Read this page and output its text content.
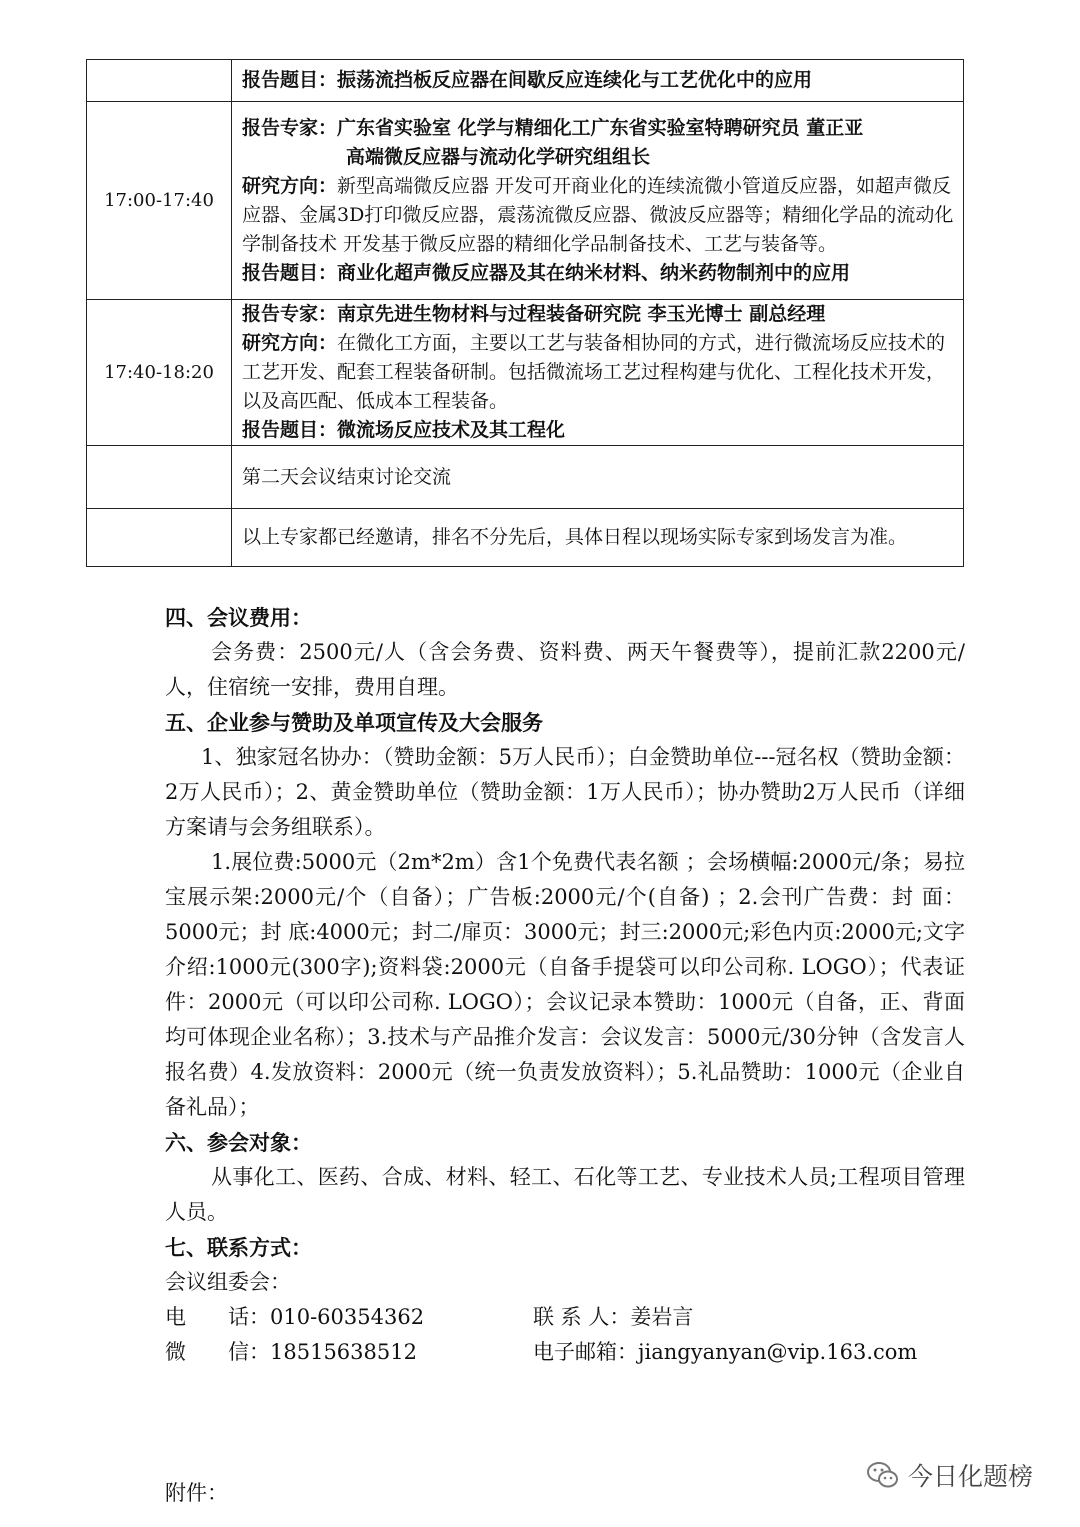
	报告题目：振荡流挡板反应器在间歇反应连续化与工艺优化中的应用

17:00-17:40	报告专家：广东省实验室 化学与精细化工广东省实验室特聘研究员 董正亚
高端微反应器与流动化学研究组组长
研究方向：新型高端微反应器 开发可开商业化的连续流微小管道反应器，如超声微反应器、金属3D打印微反应器，震荡流微反应器、微波反应器等；精细化学品的流动化学制备技术 开发基于微反应器的精细化学品制备技术、工艺与装备等。
报告题目：商业化超声微反应器及其在纳米材料、纳米药物制剂中的应用

17:40-18:20	报告专家：南京先进生物材料与过程装备研究院 李玉光博士 副总经理
研究方向：在微化工方面，主要以工艺与装备相协同的方式，进行微流场反应技术的工艺开发、配套工程装备研制。包括微流场工艺过程构建与优化、工程化技术开发，以及高匹配、低成本工程装备。
报告题目：微流场反应技术及其工程化

	第二天会议结束讨论交流

	以上专家都已经邀请，排名不分先后，具体日程以现场实际专家到场发言为准。

四、会议费用：

会务费：2500元/人（含会务费、资料费、两天午餐费等），提前汇款2200元/人，住宿统一安排，费用自理。

五、企业参与赞助及单项宣传及大会服务

1、独家冠名协办：（赞助金额：5万人民币）；白金赞助单位---冠名权（赞助金额：2万人民币）；2、黄金赞助单位（赞助金额：1万人民币）；协办赞助2万人民币（详细方案请与会务组联系）。

1.展位费:5000元（2m*2m）含1个免费代表名额 ；会场横幅:2000元/条；易拉宝展示架:2000元/个（自备）；广告板:2000元/个(自备) ；2.会刊广告费：封 面：5000元；封 底:4000元；封二/扉页：3000元；封三:2000元;彩色内页:2000元;文字介绍:1000元(300字);资料袋:2000元（自备手提袋可以印公司称. LOGO）；代表证件：2000元（可以印公司称. LOGO）；会议记录本赞助：1000元（自备，正、背面均可体现企业名称）；3.技术与产品推介发言：会议发言：5000元/30分钟（含发言人报名费）4.发放资料：2000元（统一负责发放资料）；5.礼品赞助：1000元（企业自备礼品）；

六、参会对象：

从事化工、医药、合成、材料、轻工、石化等工艺、专业技术人员;工程项目管理人员。

七、联系方式：

会议组委会：

电　　话：010-60354362	联 系 人：姜岩言
微　　信：18515638512	电子邮箱：jiangyanyan@vip.163.com
附件：
今日化题榜
